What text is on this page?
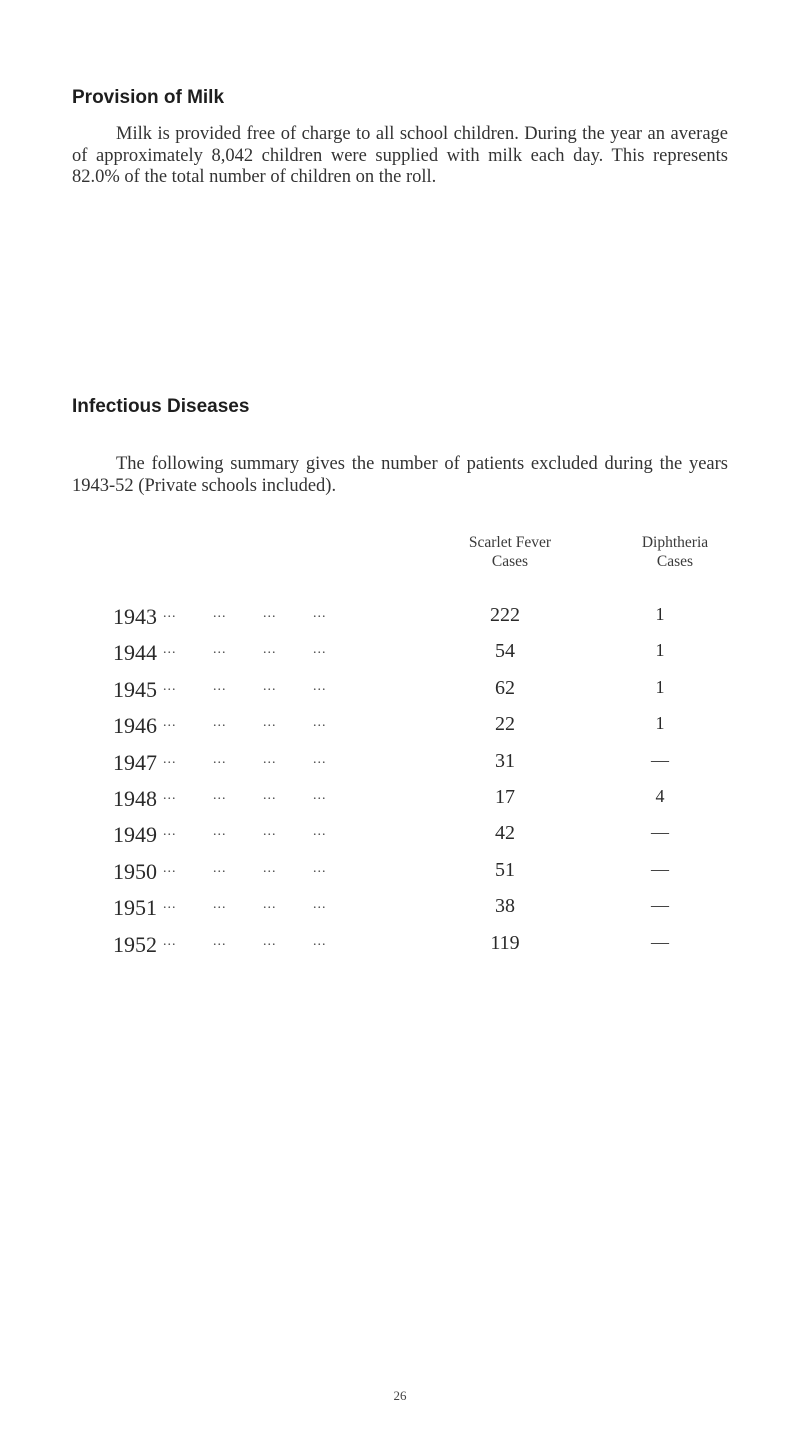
Provision of Milk

Milk is provided free of charge to all school children. During the year an average of approximately 8,042 children were supplied with milk each day. This represents 82.0% of the total number of children on the roll.

Infectious Diseases

The following summary gives the number of patients excluded during the years 1943-52 (Private schools included).

Scarlet Fever
Cases
Diphtheria
Cases
1943 ... ... ... ...	222	1
1944 ... ... ... ...	54	1
1945 ... ... ... ...	62	1
1946 ... ... ... ...	22	1
1947 ... ... ... ...	31	—
1948 ... ... ... ...	17	4
1949 ... ... ... ...	42	—
1950 ... ... ... ...	51	—
1951 ... ... ... ...	38	—
1952 ... ... ... ...	119	—
26
